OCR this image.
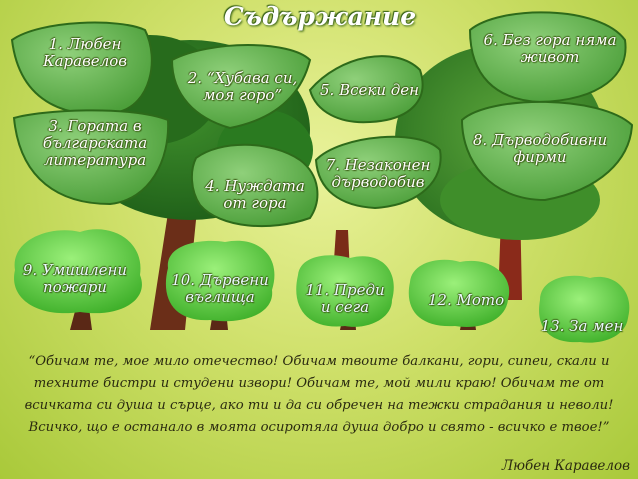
Съдържание
1. Любен
Каравелов
2. “Хубава си,
моя горо”
3. Гората в
българската
литература
4. Нуждата
от гора
5. Всеки ден
6. Без гора няма
живот
7. Незаконен
дърводобив
8. Дърводобивни
фирми
9. Умишлени
пожари	10. Дървени
въглища	11. Преди
и сега	12. Мото
13. За мен
“Обичам те, мое мило отечество! Обичам твоите балкани, гори, сипеи, скали и техните бистри и студени извори! Обичам те, мой мили краю! Обичам те от всичката си душа и сърце, ако ти и да си обречен на тежки страдания и неволи! Всичко, що е останало в моята осиротяла душа добро и свято - всичко е твое!”
Любен Каравелов
